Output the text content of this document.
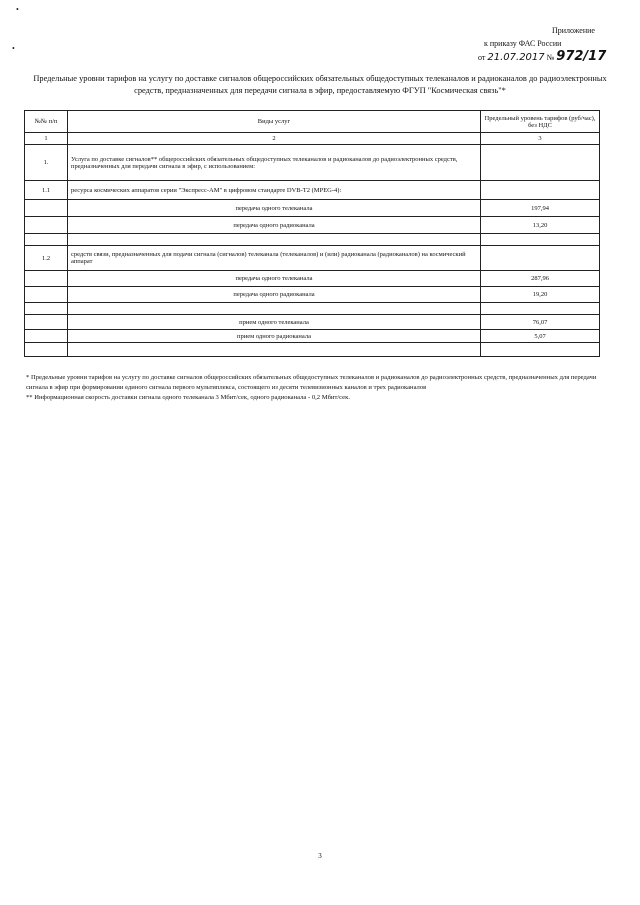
•
•
Приложение
к приказу ФАС России
от 21.07.2017 № 972/17
Предельные уровни тарифов на услугу по доставке сигналов общероссийских обязательных общедоступных телеканалов и радиоканалов до радиоэлектронных средств, предназначенных для передачи сигнала в эфир, предоставляемую ФГУП "Космическая связь"*
№№ п/п	Виды услуг	Предельный уровень тарифов (руб/час), без НДС
1	2	3
1.	Услуга по доставке сигналов** общероссийских обязательных общедоступных телеканалов и радиоканалов до радиоэлектронных средств, предназначенных для передачи сигнала в эфир, с использованием:	
1.1	ресурса космических аппаратов серии "Экспресс-АМ" в цифровом стандарте DVB-T2 (MPEG-4):	
	передача одного телеканала	197,94
	передача одного радиоканала	13,20

1.2	средств связи, предназначенных для подачи сигнала (сигналов) телеканала (телеканалов) и (или) радиоканала (радиоканалов) на космический аппарат	
	передача одного телеканала	287,96
	передача одного радиоканала	19,20

	прием одного телеканала	76,07
	прием одного радиоканала	5,07

* Предельные уровни тарифов на услугу по доставке сигналов общероссийских обязательных общедоступных телеканалов и радиоканалов до радиоэлектронных средств, предназначенных для передачи сигнала в эфир при формировании единого сигнала первого мультиплекса, состоящего из десяти телевизионных каналов и трех радиоканалов

** Информационная скорость доставки сигнала одного телеканала 3 Мбит/сек, одного радиоканала - 0,2 Мбит/сек.

3
